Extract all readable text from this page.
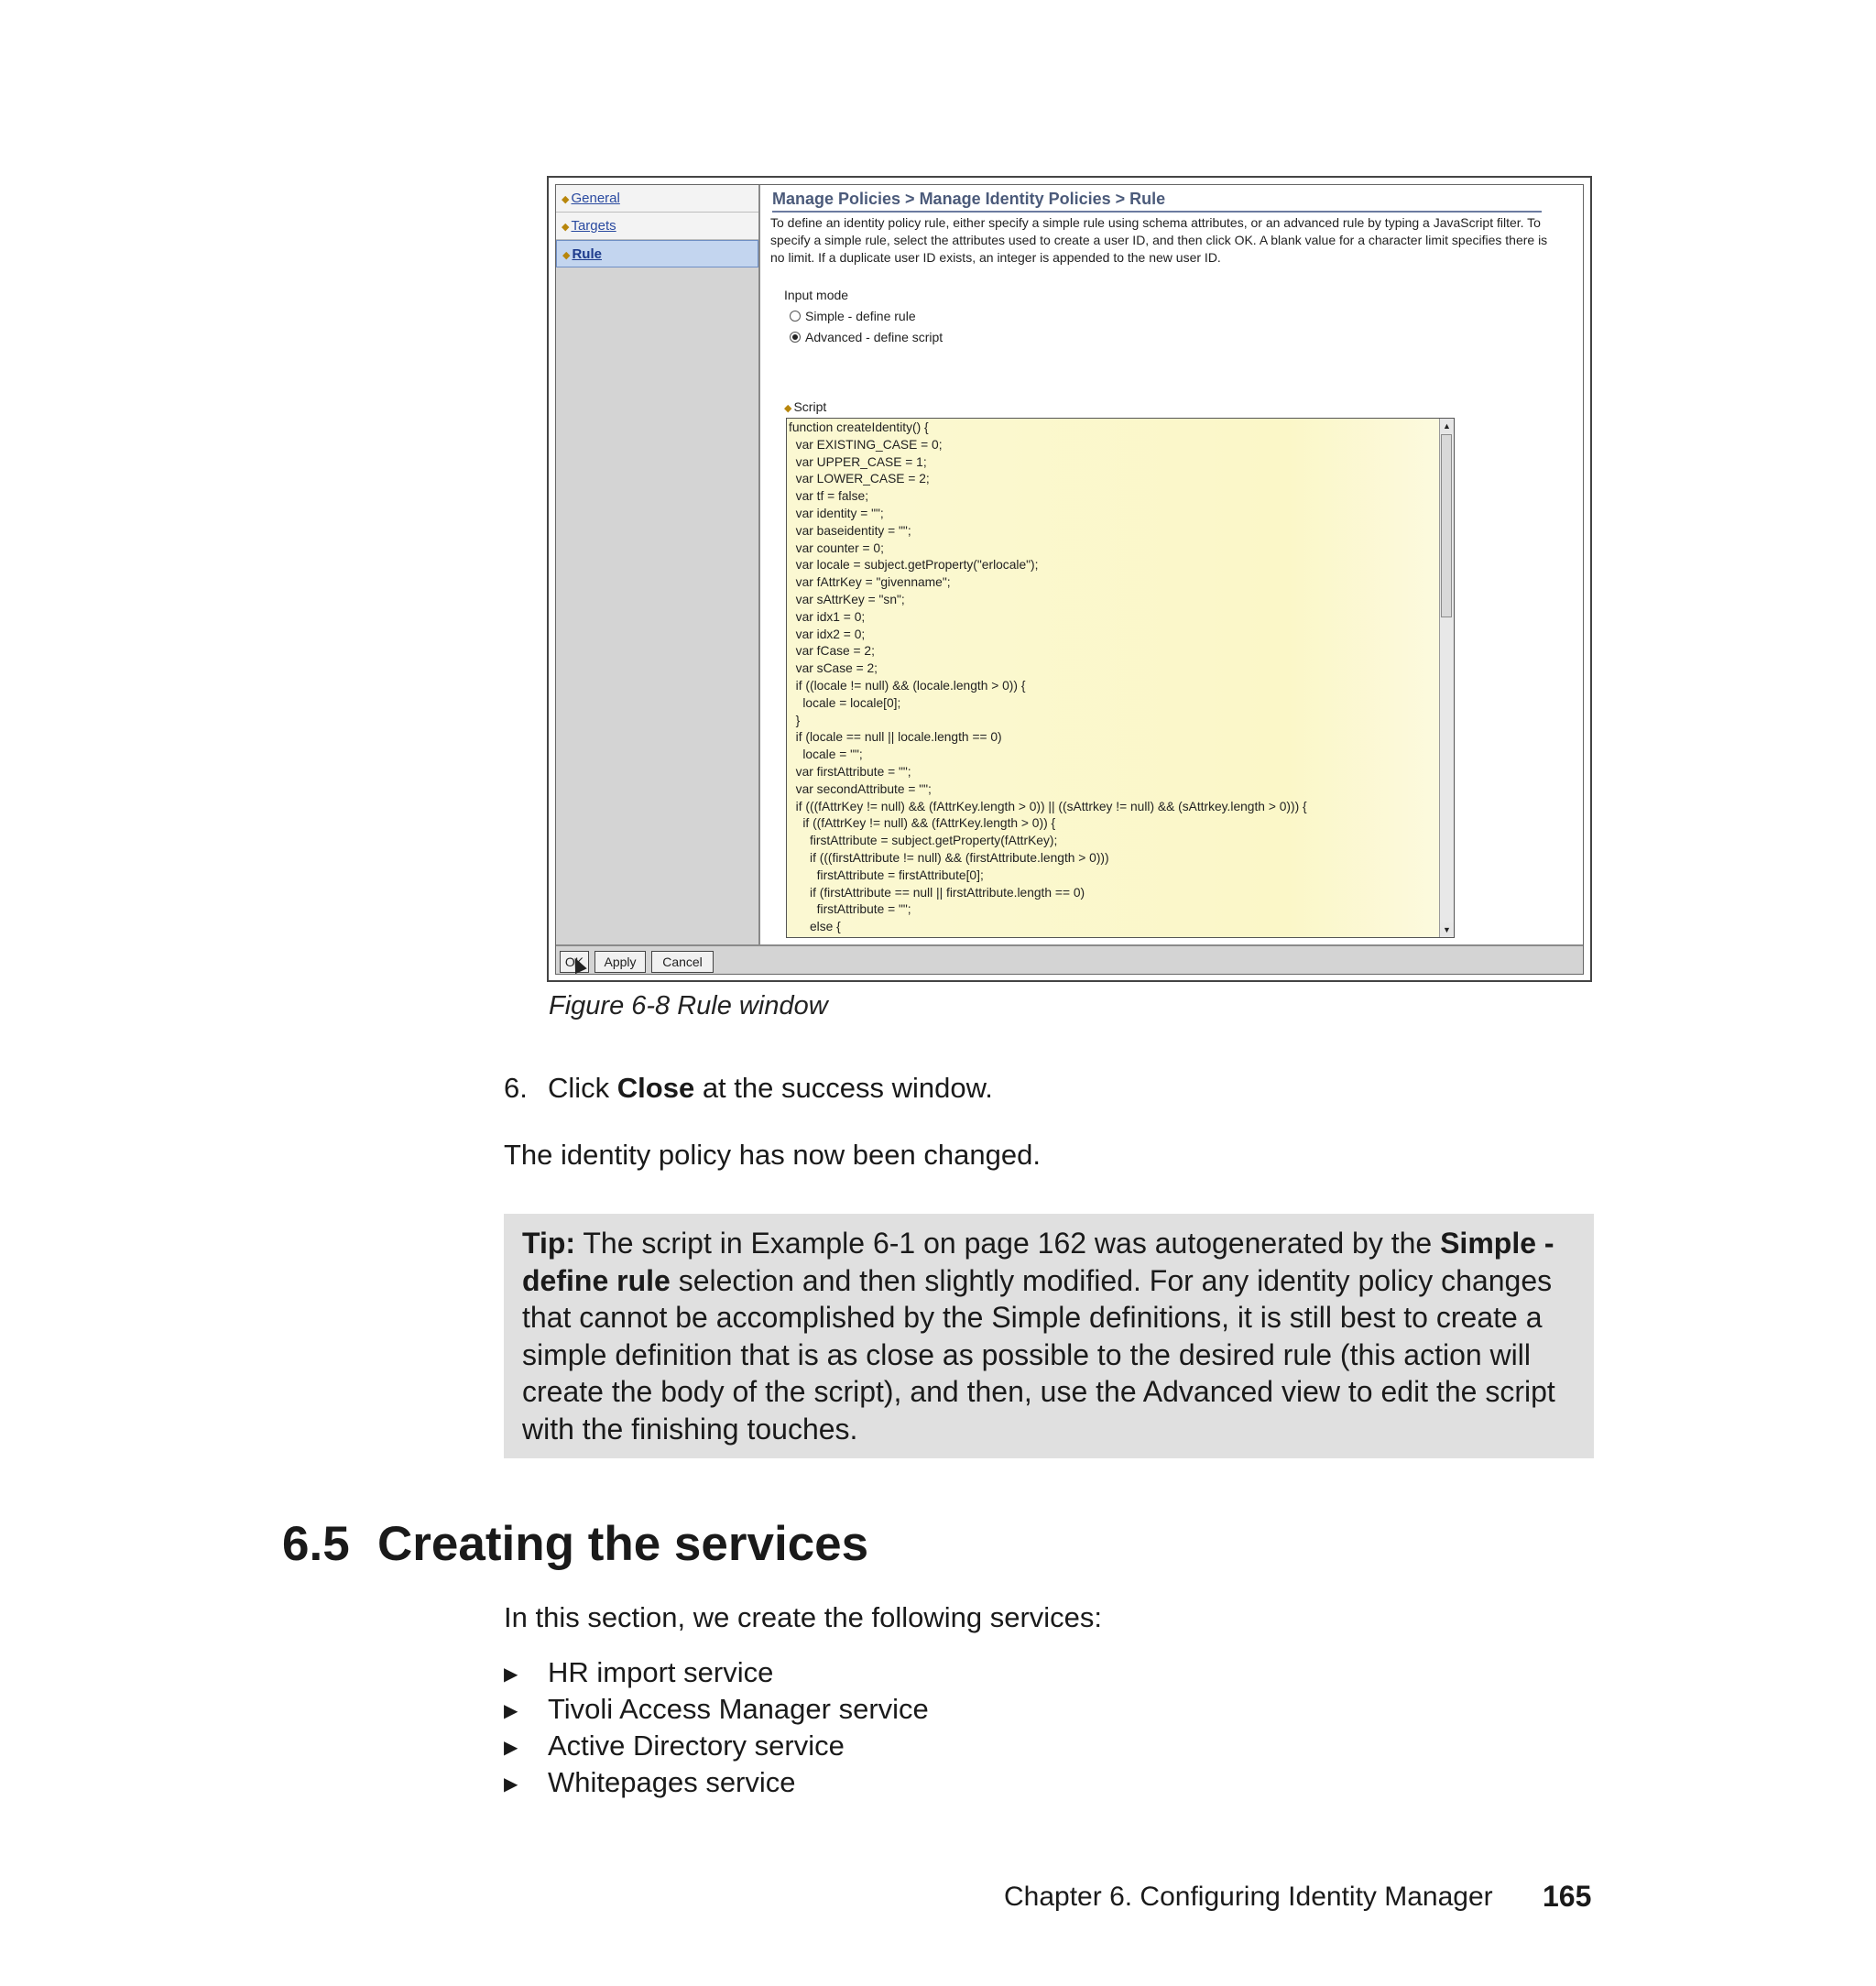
◆ General
◆ Targets
◆ Rule
Manage Policies > Manage Identity Policies > Rule
To define an identity policy rule, either specify a simple rule using schema attributes, or an advanced rule by typing a JavaScript filter. To specify a simple rule, select the attributes used to create a user ID, and then click OK. A blank value for a character limit specifies there is no limit. If a duplicate user ID exists, an integer is appended to the new user ID.
Input mode
Simple - define rule
Advanced - define script
◆ Script
function createIdentity() {
var EXISTING_CASE = 0;
var UPPER_CASE = 1;
var LOWER_CASE = 2;
var tf = false;
var identity = "";
var baseidentity = "";
var counter = 0;
var locale = subject.getProperty("erlocale");
var fAttrKey = "givenname";
var sAttrKey = "sn";
var idx1 = 0;
var idx2 = 0;
var fCase = 2;
var sCase = 2;
if ((locale != null) && (locale.length > 0)) {
locale = locale[0];
}
if (locale == null || locale.length == 0)
locale = "";
var firstAttribute = "";
var secondAttribute = "";
if (((fAttrKey != null) && (fAttrKey.length > 0)) || ((sAttrkey != null) && (sAttrkey.length > 0))) {
if ((fAttrKey != null) && (fAttrKey.length > 0)) {
firstAttribute = subject.getProperty(fAttrKey);
if (((firstAttribute != null) && (firstAttribute.length > 0)))
firstAttribute = firstAttribute[0];
if (firstAttribute == null || firstAttribute.length == 0)
firstAttribute = "";
else {
▲
▼
OK	Apply	Cancel
Figure 6-8 Rule window
6. Click Close at the success window.
The identity policy has now been changed.

Tip: The script in Example 6-1 on page 162 was autogenerated by the Simple - define rule selection and then slightly modified. For any identity policy changes that cannot be accomplished by the Simple definitions, it is still best to create a simple definition that is as close as possible to the desired rule (this action will create the body of the script), and then, use the Advanced view to edit the script with the finishing touches.

6.5 Creating the services
In this section, we create the following services:
▶ HR import service
▶ Tivoli Access Manager service
▶ Active Directory service
▶ Whitepages service
Chapter 6. Configuring Identity Manager 165
